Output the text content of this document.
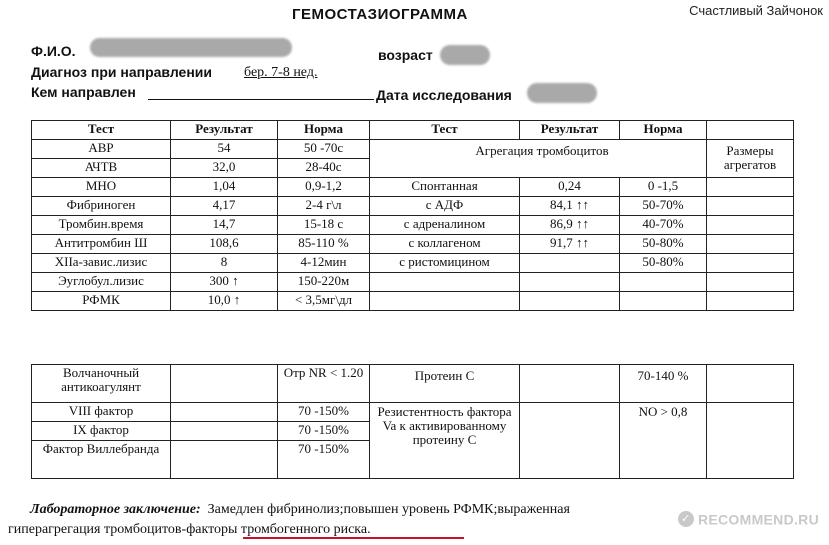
ГЕМОСТАЗИОГРАММА	Счастливый Зайчонок
Ф.И.О.	возраст
Диагноз при направлении бер. 7-8 нед.
Кем направлен	Дата исследования
Тест	Результат	Норма	Тест	Результат	Норма	
АВР	54	50 -70с	Агрегация тромбоцитов			Размеры агрегатов
АЧТВ	32,0	28-40с				
МНО	1,04	0,9-1,2	Спонтанная	0,24	0 -1,5	
Фибриноген	4,17	2-4 г\л	с АДФ	84,1 ↑↑	50-70%	
Тромбин.время	14,7	15-18 с	с адреналином	86,9 ↑↑	40-70%	
Антитромбин Ш	108,6	85-110 %	с коллагеном	91,7 ↑↑	50-80%	
ХIIа-завис.лизис	8	4-12мин	с ристомицином		50-80%	
Эуглобул.лизис	300 ↑	150-220м				
РФМК	10,0 ↑	< 3,5мг\дл				
Волчаночный антикоагулянт		Отр NR < 1.20	Протеин С		70-140 %	
VIII фактор		70 -150%	Резистентность фактора Va к активированному протеину С		NO > 0,8	
IX фактор		70 -150%				
Фактор Виллебранда		70 -150%				
Лабораторное заключение: Замедлен фибринолиз;повышен уровень РФМК;выраженная
гиперагрегация тромбоцитов-факторы тромбогенного риска.
✓ RECOMMEND.RU
